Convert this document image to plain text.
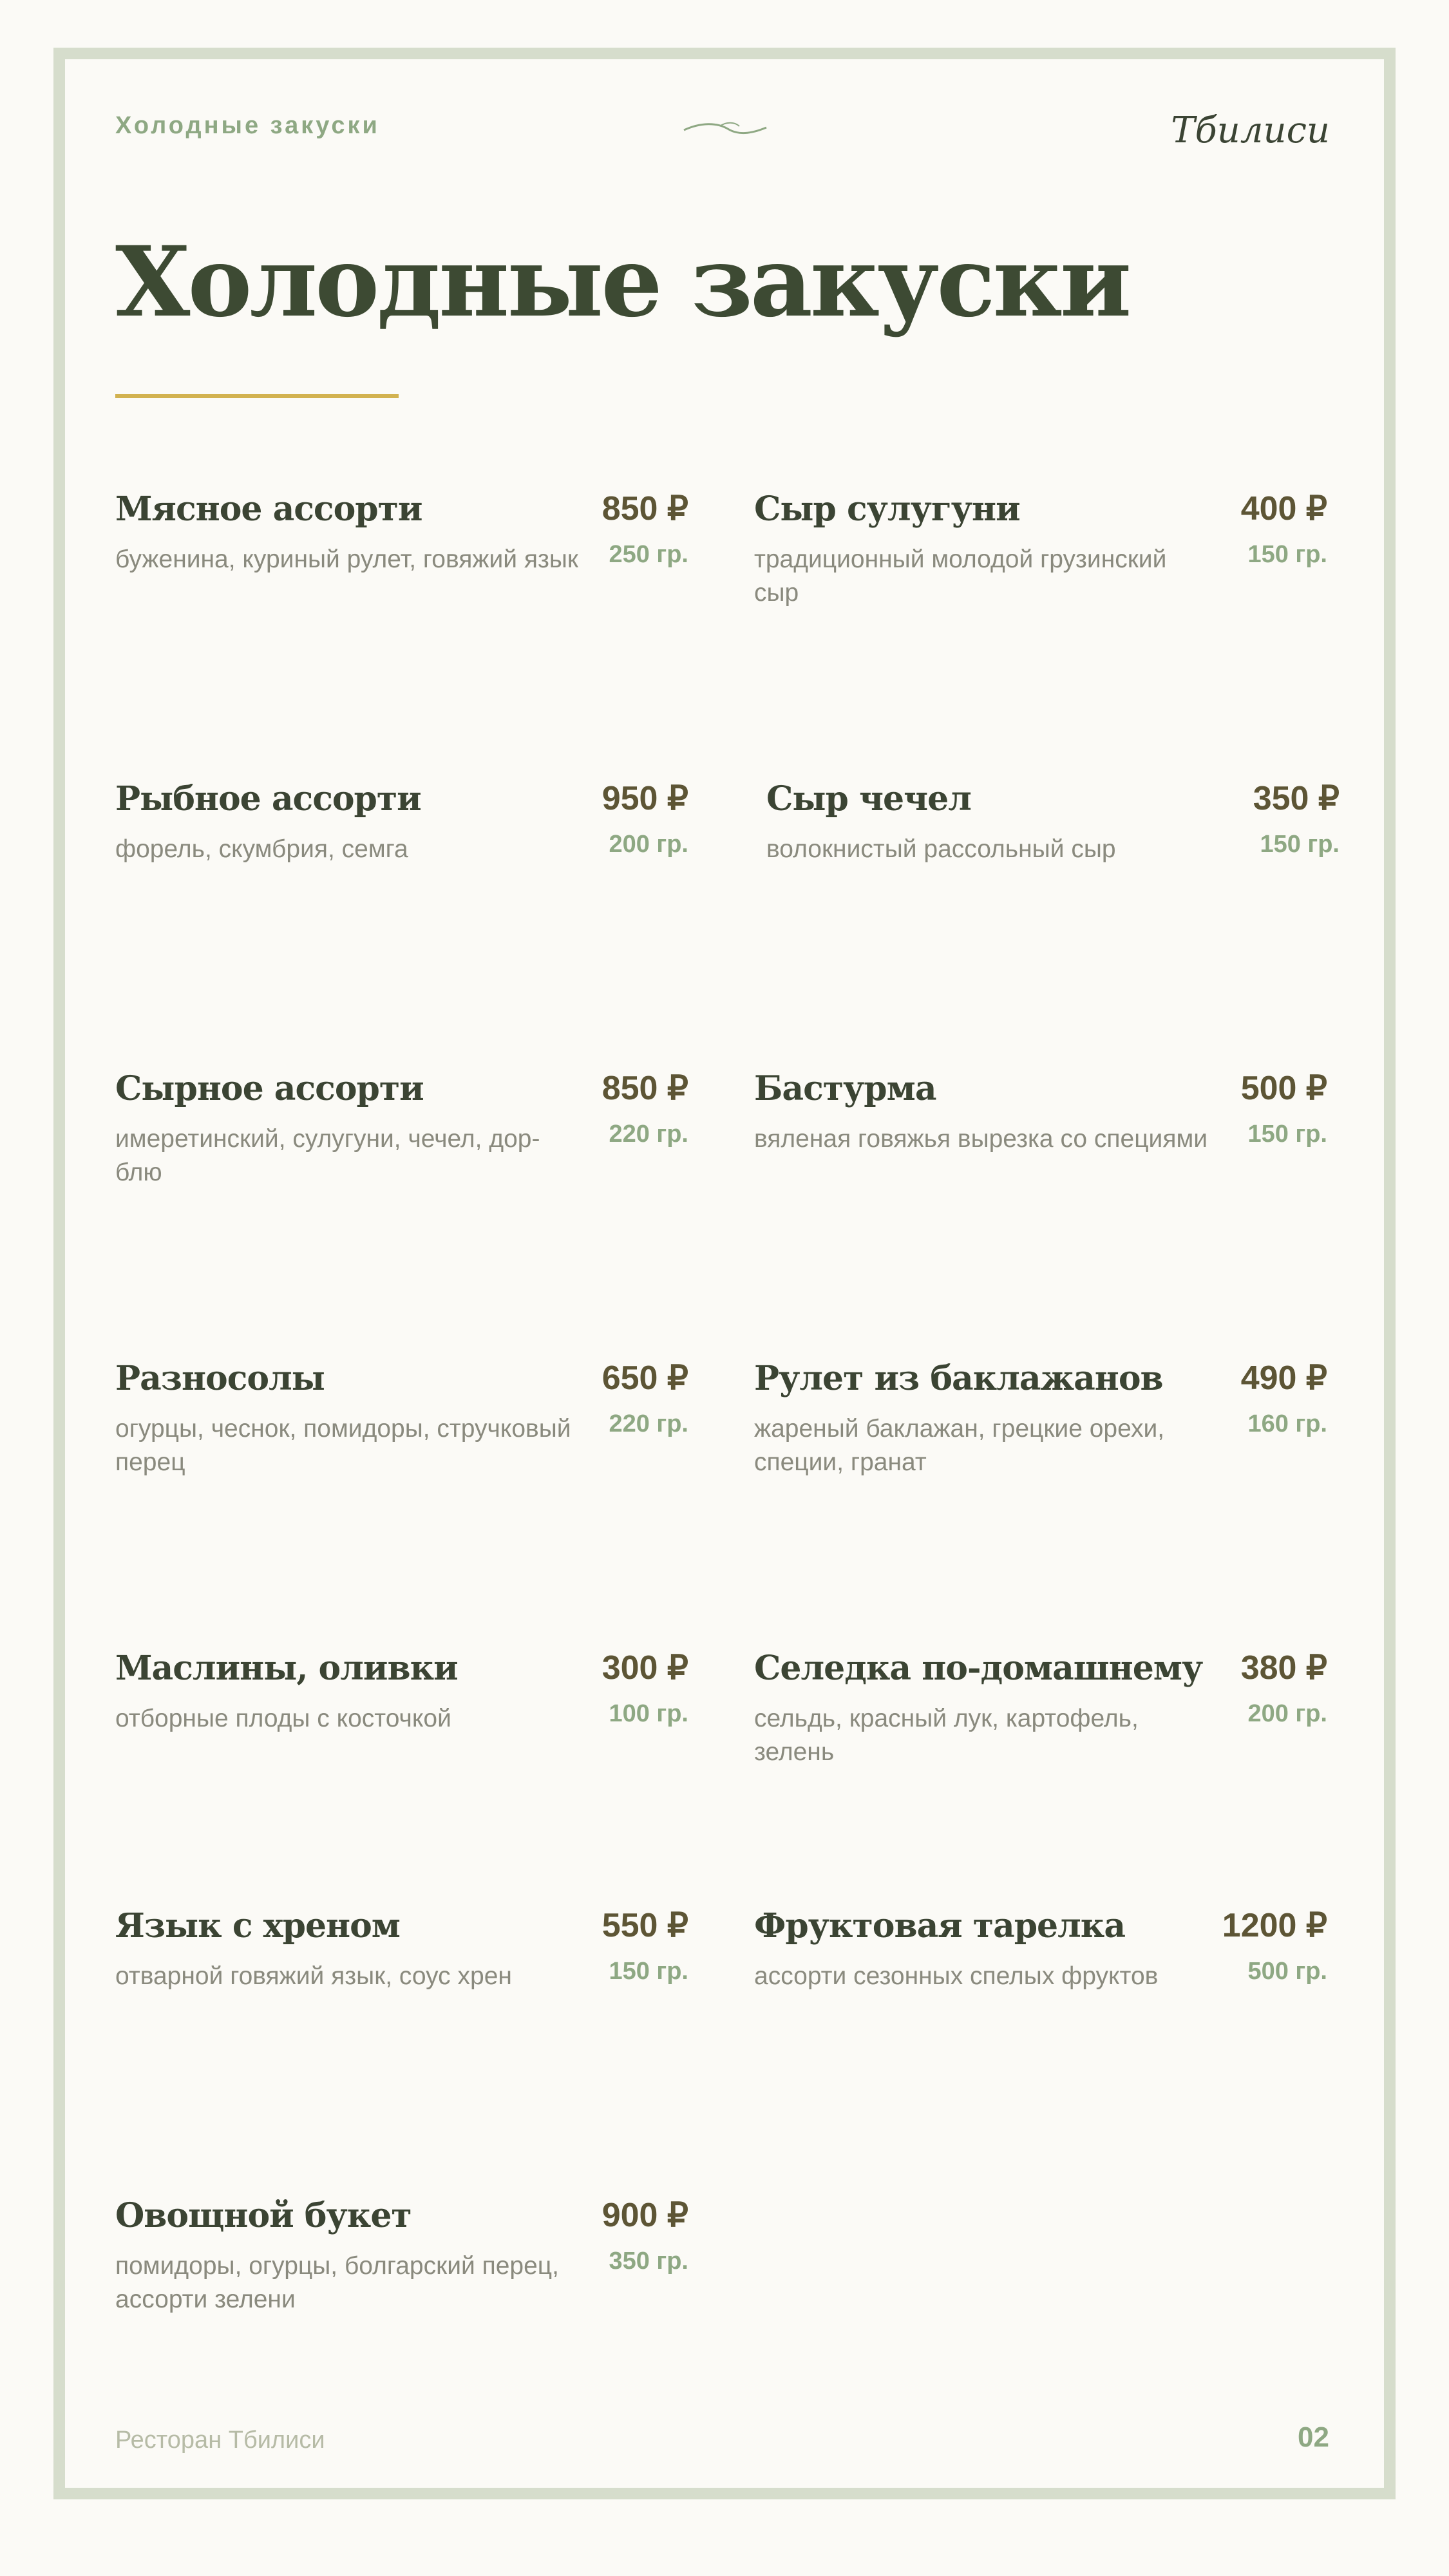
Холодные закуски	Тбилиси
Холодные закуски
Мясное ассорти	850 ₽
буженина, куриный рулет, говяжий язык 250 гр.
Сыр сулугуни	400 ₽
традиционный молодой грузинский сыр
150 гр.
Рыбное ассорти	950 ₽
форель, скумбрия, семга	200 гр.
Сыр чечел	350 ₽
волокнистый рассольный сыр	150 гр.
Сырное ассорти	850 ₽
имеретинский, сулугуни, чечел, дор-блю
220 гр.
Бастурма	500 ₽
вяленая говяжья вырезка со специями	150 гр.
Разносолы	650 ₽
огурцы, чеснок, помидоры, стручковый перец
220 гр.
Рулет из баклажанов 490 ₽
жареный баклажан, грецкие орехи, специи, гранат
160 гр.
Маслины, оливки	300 ₽
отборные плоды с косточкой	100 гр.
Селедка по-домашнему 380 ₽
сельдь, красный лук, картофель, зелень
200 гр.
Язык с хреном	550 ₽
отварной говяжий язык, соус хрен	150 гр.
Фруктовая тарелка	1200 ₽
ассорти сезонных спелых фруктов	500 гр.
Овощной букет	900 ₽
помидоры, огурцы, болгарский перец, ассорти зелени
350 гр.
Ресторан Тбилиси	02
